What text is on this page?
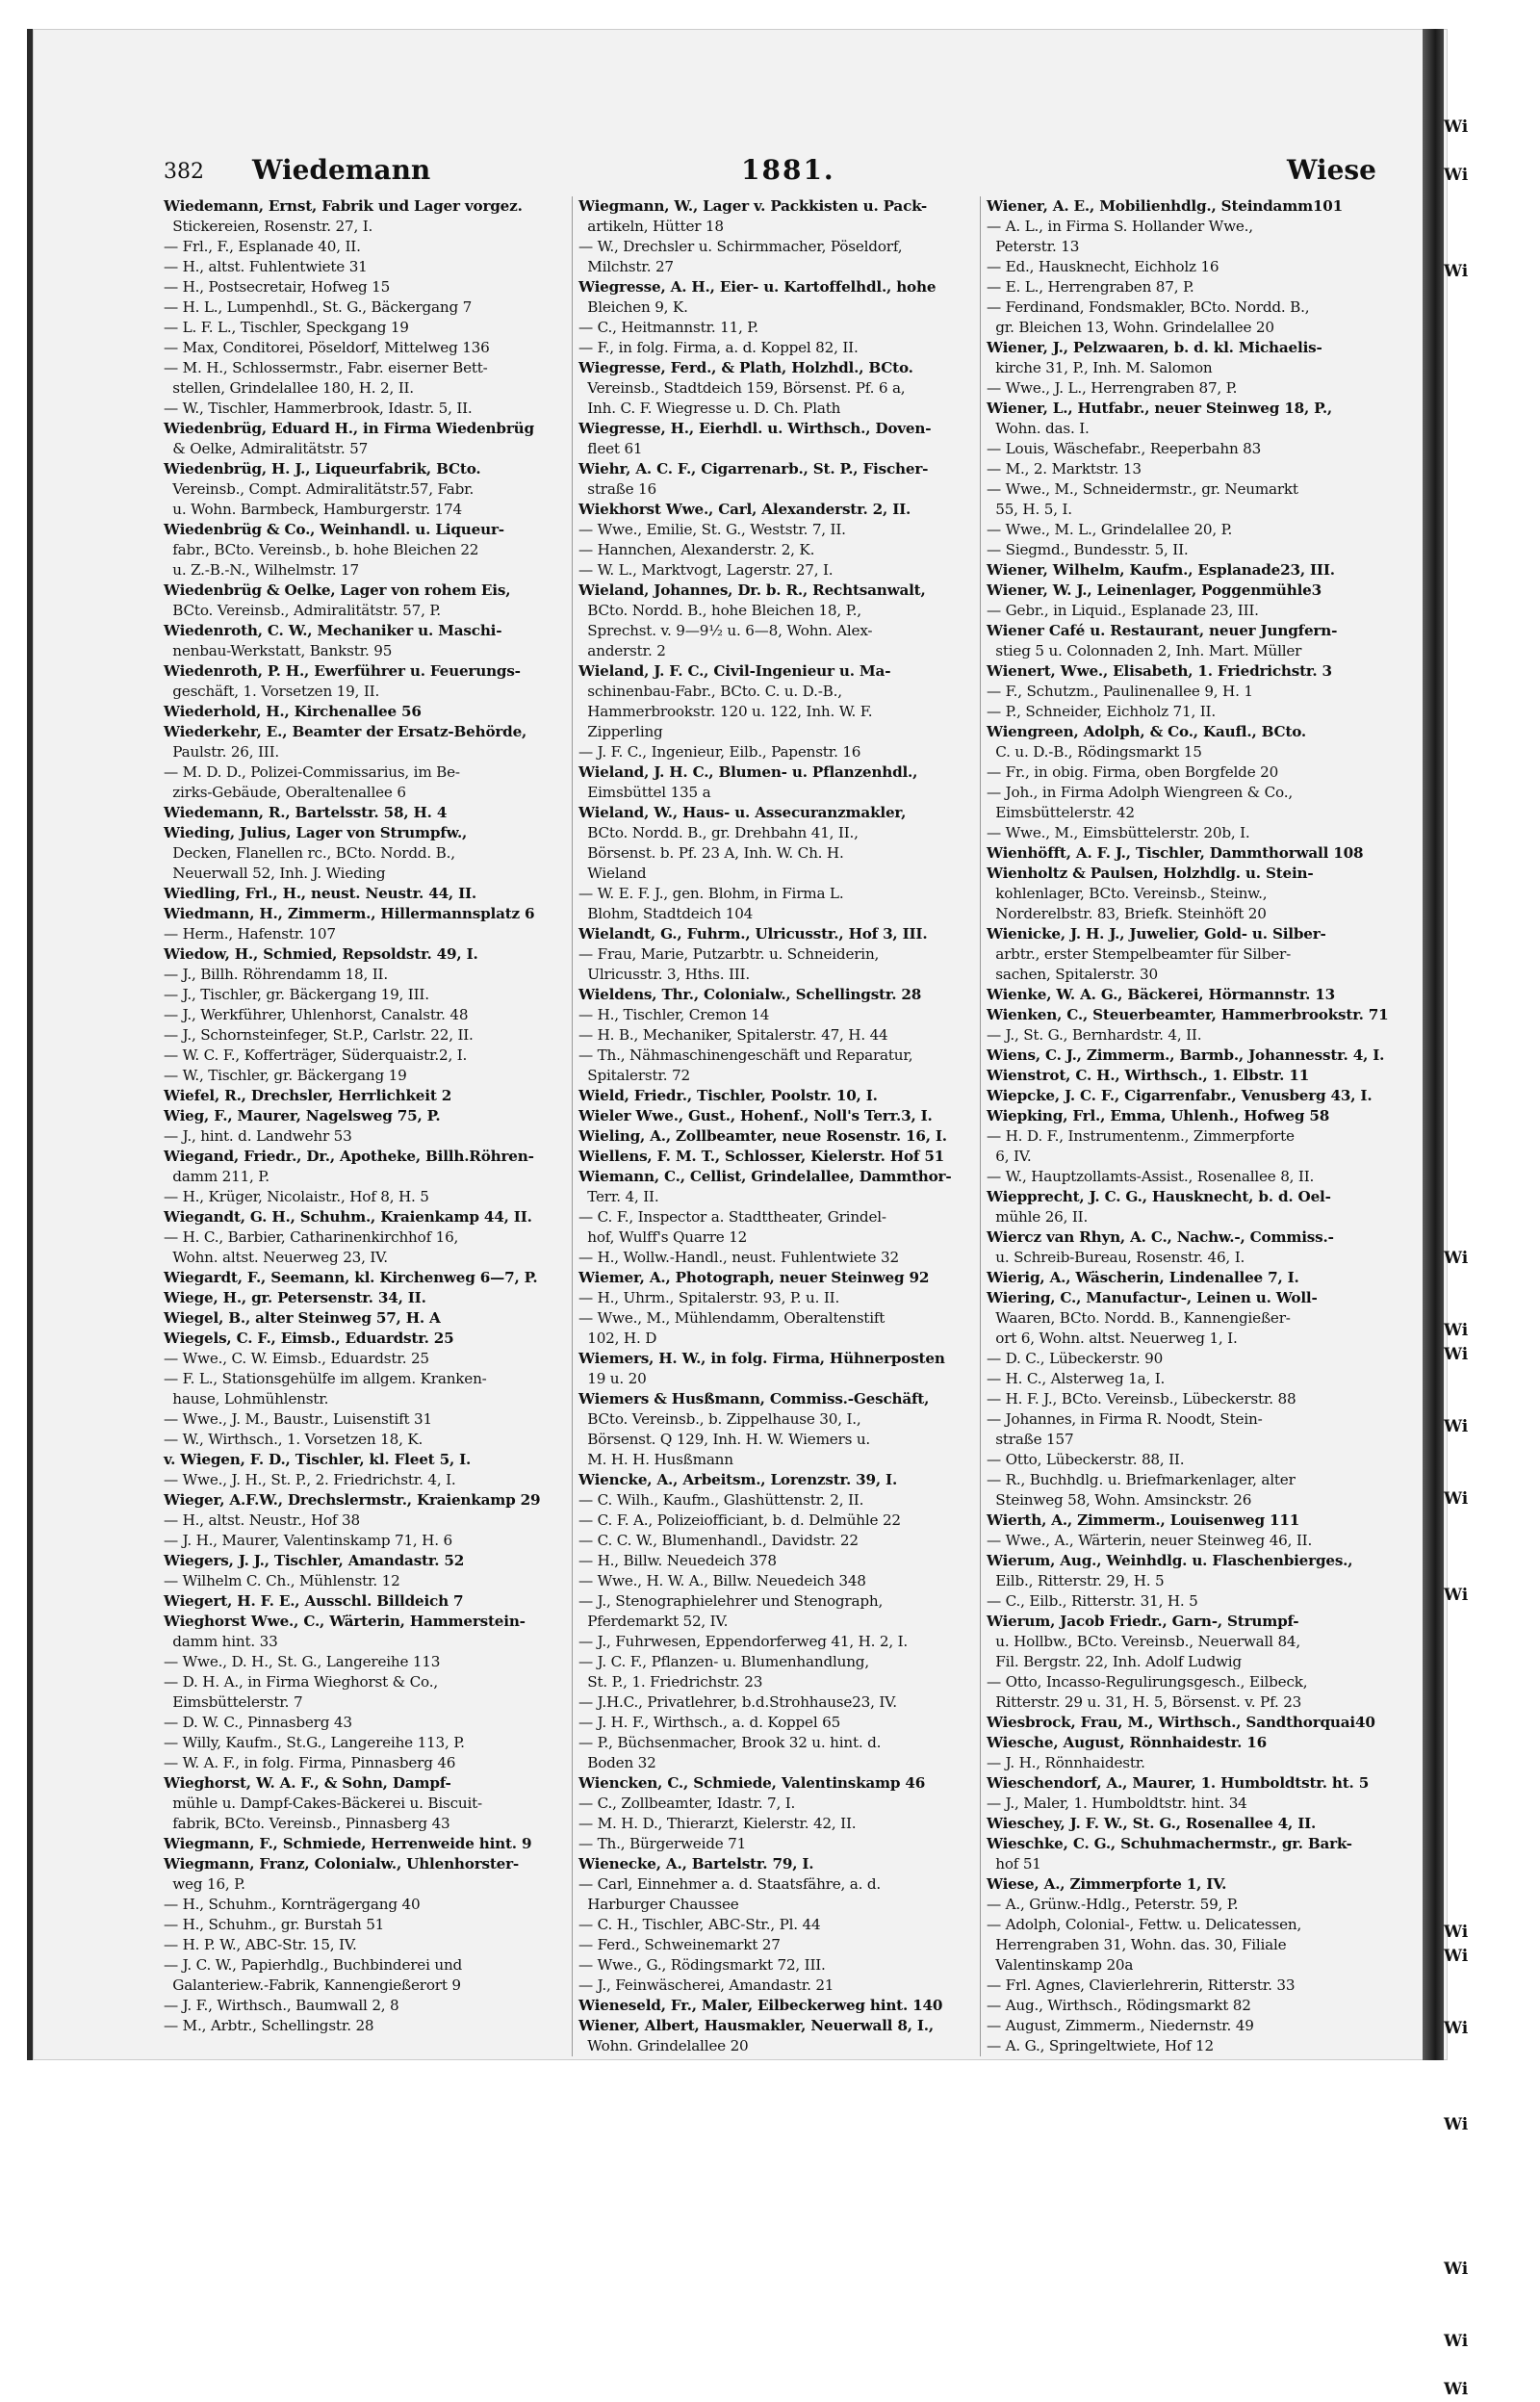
Wi

Wi

Wi

Wi

Wi
Wi

Wi

Wi

Wi

Wi
Wi

Wi

Wi

Wi

Wi

Wi
382 Wiedemann	1881.	Wiese
Wiedemann, Ernst, Fabrik und Lager vorgez.
Stickereien, Rosenstr. 27, I.
— Frl., F., Esplanade 40, II.
— H., altst. Fuhlentwiete 31
— H., Postsecretair, Hofweg 15
— H. L., Lumpenhdl., St. G., Bäckergang 7
— L. F. L., Tischler, Speckgang 19
— Max, Conditorei, Pöseldorf, Mittelweg 136
— M. H., Schlossermstr., Fabr. eiserner Bett-
stellen, Grindelallee 180, H. 2, II.
— W., Tischler, Hammerbrook, Idastr. 5, II.
Wiedenbrüg, Eduard H., in Firma Wiedenbrüg
& Oelke, Admiralitätstr. 57
Wiedenbrüg, H. J., Liqueurfabrik, BCto.
Vereinsb., Compt. Admiralitätstr.57, Fabr.
u. Wohn. Barmbeck, Hamburgerstr. 174
Wiedenbrüg & Co., Weinhandl. u. Liqueur-
fabr., BCto. Vereinsb., b. hohe Bleichen 22
u. Z.-B.-N., Wilhelmstr. 17
Wiedenbrüg & Oelke, Lager von rohem Eis,
BCto. Vereinsb., Admiralitätstr. 57, P.
Wiedenroth, C. W., Mechaniker u. Maschi-
nenbau-Werkstatt, Bankstr. 95
Wiedenroth, P. H., Ewerführer u. Feuerungs-
geschäft, 1. Vorsetzen 19, II.
Wiederhold, H., Kirchenallee 56
Wiederkehr, E., Beamter der Ersatz-Behörde,
Paulstr. 26, III.
— M. D. D., Polizei-Commissarius, im Be-
zirks-Gebäude, Oberaltenallee 6
Wiedemann, R., Bartelsstr. 58, H. 4
Wieding, Julius, Lager von Strumpfw.,
Decken, Flanellen rc., BCto. Nordd. B.,
Neuerwall 52, Inh. J. Wieding
Wiedling, Frl., H., neust. Neustr. 44, II.
Wiedmann, H., Zimmerm., Hillermannsplatz 6
— Herm., Hafenstr. 107
Wiedow, H., Schmied, Repsoldstr. 49, I.
— J., Billh. Röhrendamm 18, II.
— J., Tischler, gr. Bäckergang 19, III.
— J., Werkführer, Uhlenhorst, Canalstr. 48
— J., Schornsteinfeger, St.P., Carlstr. 22, II.
— W. C. F., Kofferträger, Süderquaistr.2, I.
— W., Tischler, gr. Bäckergang 19
Wiefel, R., Drechsler, Herrlichkeit 2
Wieg, F., Maurer, Nagelsweg 75, P.
— J., hint. d. Landwehr 53
Wiegand, Friedr., Dr., Apotheke, Billh.Röhren-
damm 211, P.
— H., Krüger, Nicolaistr., Hof 8, H. 5
Wiegandt, G. H., Schuhm., Kraienkamp 44, II.
— H. C., Barbier, Catharinenkirchhof 16,
Wohn. altst. Neuerweg 23, IV.
Wiegardt, F., Seemann, kl. Kirchenweg 6—7, P.
Wiege, H., gr. Petersenstr. 34, II.
Wiegel, B., alter Steinweg 57, H. A
Wiegels, C. F., Eimsb., Eduardstr. 25
— Wwe., C. W. Eimsb., Eduardstr. 25
— F. L., Stationsgehülfe im allgem. Kranken-
hause, Lohmühlenstr.
— Wwe., J. M., Baustr., Luisenstift 31
— W., Wirthsch., 1. Vorsetzen 18, K.
v. Wiegen, F. D., Tischler, kl. Fleet 5, I.
— Wwe., J. H., St. P., 2. Friedrichstr. 4, I.
Wieger, A.F.W., Drechslermstr., Kraienkamp 29
— H., altst. Neustr., Hof 38
— J. H., Maurer, Valentinskamp 71, H. 6
Wiegers, J. J., Tischler, Amandastr. 52
— Wilhelm C. Ch., Mühlenstr. 12
Wiegert, H. F. E., Ausschl. Billdeich 7
Wieghorst Wwe., C., Wärterin, Hammerstein-
damm hint. 33
— Wwe., D. H., St. G., Langereihe 113
— D. H. A., in Firma Wieghorst & Co.,
Eimsbüttelerstr. 7
— D. W. C., Pinnasberg 43
— Willy, Kaufm., St.G., Langereihe 113, P.
— W. A. F., in folg. Firma, Pinnasberg 46
Wieghorst, W. A. F., & Sohn, Dampf-
mühle u. Dampf-Cakes-Bäckerei u. Biscuit-
fabrik, BCto. Vereinsb., Pinnasberg 43
Wiegmann, F., Schmiede, Herrenweide hint. 9
Wiegmann, Franz, Colonialw., Uhlenhorster-
weg 16, P.
— H., Schuhm., Kornträgergang 40
— H., Schuhm., gr. Burstah 51
— H. P. W., ABC-Str. 15, IV.
— J. C. W., Papierhdlg., Buchbinderei und
Galanteriew.-Fabrik, Kannengießerort 9
— J. F., Wirthsch., Baumwall 2, 8
— M., Arbtr., Schellingstr. 28
Wiegmann, W., Lager v. Packkisten u. Pack-
artikeln, Hütter 18
— W., Drechsler u. Schirmmacher, Pöseldorf,
Milchstr. 27
Wiegresse, A. H., Eier- u. Kartoffelhdl., hohe
Bleichen 9, K.
— C., Heitmannstr. 11, P.
— F., in folg. Firma, a. d. Koppel 82, II.
Wiegresse, Ferd., & Plath, Holzhdl., BCto.
Vereinsb., Stadtdeich 159, Börsenst. Pf. 6 a,
Inh. C. F. Wiegresse u. D. Ch. Plath
Wiegresse, H., Eierhdl. u. Wirthsch., Doven-
fleet 61
Wiehr, A. C. F., Cigarrenarb., St. P., Fischer-
straße 16
Wiekhorst Wwe., Carl, Alexanderstr. 2, II.
— Wwe., Emilie, St. G., Weststr. 7, II.
— Hannchen, Alexanderstr. 2, K.
— W. L., Marktvogt, Lagerstr. 27, I.
Wieland, Johannes, Dr. b. R., Rechtsanwalt,
BCto. Nordd. B., hohe Bleichen 18, P.,
Sprechst. v. 9—9½ u. 6—8, Wohn. Alex-
anderstr. 2
Wieland, J. F. C., Civil-Ingenieur u. Ma-
schinenbau-Fabr., BCto. C. u. D.-B.,
Hammerbrookstr. 120 u. 122, Inh. W. F.
Zipperling
— J. F. C., Ingenieur, Eilb., Papenstr. 16
Wieland, J. H. C., Blumen- u. Pflanzenhdl.,
Eimsbüttel 135 a
Wieland, W., Haus- u. Assecuranzmakler,
BCto. Nordd. B., gr. Drehbahn 41, II.,
Börsenst. b. Pf. 23 A, Inh. W. Ch. H.
Wieland
— W. E. F. J., gen. Blohm, in Firma L.
Blohm, Stadtdeich 104
Wielandt, G., Fuhrm., Ulricusstr., Hof 3, III.
— Frau, Marie, Putzarbtr. u. Schneiderin,
Ulricusstr. 3, Hths. III.
Wieldens, Thr., Colonialw., Schellingstr. 28
— H., Tischler, Cremon 14
— H. B., Mechaniker, Spitalerstr. 47, H. 44
— Th., Nähmaschinengeschäft und Reparatur,
Spitalerstr. 72
Wield, Friedr., Tischler, Poolstr. 10, I.
Wieler Wwe., Gust., Hohenf., Noll's Terr.3, I.
Wieling, A., Zollbeamter, neue Rosenstr. 16, I.
Wiellens, F. M. T., Schlosser, Kielerstr. Hof 51
Wiemann, C., Cellist, Grindelallee, Dammthor-
Terr. 4, II.
— C. F., Inspector a. Stadttheater, Grindel-
hof, Wulff's Quarre 12
— H., Wollw.-Handl., neust. Fuhlentwiete 32
Wiemer, A., Photograph, neuer Steinweg 92
— H., Uhrm., Spitalerstr. 93, P. u. II.
— Wwe., M., Mühlendamm, Oberaltenstift
102, H. D
Wiemers, H. W., in folg. Firma, Hühnerposten
19 u. 20
Wiemers & Husßmann, Commiss.-Geschäft,
BCto. Vereinsb., b. Zippelhause 30, I.,
Börsenst. Q 129, Inh. H. W. Wiemers u.
M. H. H. Husßmann
Wiencke, A., Arbeitsm., Lorenzstr. 39, I.
— C. Wilh., Kaufm., Glashüttenstr. 2, II.
— C. F. A., Polizeiofficiant, b. d. Delmühle 22
— C. C. W., Blumenhandl., Davidstr. 22
— H., Billw. Neuedeich 378
— Wwe., H. W. A., Billw. Neuedeich 348
— J., Stenographielehrer und Stenograph,
Pferdemarkt 52, IV.
— J., Fuhrwesen, Eppendorferweg 41, H. 2, I.
— J. C. F., Pflanzen- u. Blumenhandlung,
St. P., 1. Friedrichstr. 23
— J.H.C., Privatlehrer, b.d.Strohhause23, IV.
— J. H. F., Wirthsch., a. d. Koppel 65
— P., Büchsenmacher, Brook 32 u. hint. d.
Boden 32
Wiencken, C., Schmiede, Valentinskamp 46
— C., Zollbeamter, Idastr. 7, I.
— M. H. D., Thierarzt, Kielerstr. 42, II.
— Th., Bürgerweide 71
Wienecke, A., Bartelstr. 79, I.
— Carl, Einnehmer a. d. Staatsfähre, a. d.
Harburger Chaussee
— C. H., Tischler, ABC-Str., Pl. 44
— Ferd., Schweinemarkt 27
— Wwe., G., Rödingsmarkt 72, III.
— J., Feinwäscherei, Amandastr. 21
Wieneseld, Fr., Maler, Eilbeckerweg hint. 140
Wiener, Albert, Hausmakler, Neuerwall 8, I.,
Wohn. Grindelallee 20
Wiener, A. E., Mobilienhdlg., Steindamm101
— A. L., in Firma S. Hollander Wwe.,
Peterstr. 13
— Ed., Hausknecht, Eichholz 16
— E. L., Herrengraben 87, P.
— Ferdinand, Fondsmakler, BCto. Nordd. B.,
gr. Bleichen 13, Wohn. Grindelallee 20
Wiener, J., Pelzwaaren, b. d. kl. Michaelis-
kirche 31, P., Inh. M. Salomon
— Wwe., J. L., Herrengraben 87, P.
Wiener, L., Hutfabr., neuer Steinweg 18, P.,
Wohn. das. I.
— Louis, Wäschefabr., Reeperbahn 83
— M., 2. Marktstr. 13
— Wwe., M., Schneidermstr., gr. Neumarkt
55, H. 5, I.
— Wwe., M. L., Grindelallee 20, P.
— Siegmd., Bundesstr. 5, II.
Wiener, Wilhelm, Kaufm., Esplanade23, III.
Wiener, W. J., Leinenlager, Poggenmühle3
— Gebr., in Liquid., Esplanade 23, III.
Wiener Café u. Restaurant, neuer Jungfern-
stieg 5 u. Colonnaden 2, Inh. Mart. Müller
Wienert, Wwe., Elisabeth, 1. Friedrichstr. 3
— F., Schutzm., Paulinenallee 9, H. 1
— P., Schneider, Eichholz 71, II.
Wiengreen, Adolph, & Co., Kaufl., BCto.
C. u. D.-B., Rödingsmarkt 15
— Fr., in obig. Firma, oben Borgfelde 20
— Joh., in Firma Adolph Wiengreen & Co.,
Eimsbüttelerstr. 42
— Wwe., M., Eimsbüttelerstr. 20b, I.
Wienhöfft, A. F. J., Tischler, Dammthorwall 108
Wienholtz & Paulsen, Holzhdlg. u. Stein-
kohlenlager, BCto. Vereinsb., Steinw.,
Norderelbstr. 83, Briefk. Steinhöft 20
Wienicke, J. H. J., Juwelier, Gold- u. Silber-
arbtr., erster Stempelbeamter für Silber-
sachen, Spitalerstr. 30
Wienke, W. A. G., Bäckerei, Hörmannstr. 13
Wienken, C., Steuerbeamter, Hammerbrookstr. 71
— J., St. G., Bernhardstr. 4, II.
Wiens, C. J., Zimmerm., Barmb., Johannesstr. 4, I.
Wienstrot, C. H., Wirthsch., 1. Elbstr. 11
Wiepcke, J. C. F., Cigarrenfabr., Venusberg 43, I.
Wiepking, Frl., Emma, Uhlenh., Hofweg 58
— H. D. F., Instrumentenm., Zimmerpforte
6, IV.
— W., Hauptzollamts-Assist., Rosenallee 8, II.
Wiepprecht, J. C. G., Hausknecht, b. d. Oel-
mühle 26, II.
Wiercz van Rhyn, A. C., Nachw.-, Commiss.-
u. Schreib-Bureau, Rosenstr. 46, I.
Wierig, A., Wäscherin, Lindenallee 7, I.
Wiering, C., Manufactur-, Leinen u. Woll-
Waaren, BCto. Nordd. B., Kannengießer-
ort 6, Wohn. altst. Neuerweg 1, I.
— D. C., Lübeckerstr. 90
— H. C., Alsterweg 1a, I.
— H. F. J., BCto. Vereinsb., Lübeckerstr. 88
— Johannes, in Firma R. Noodt, Stein-
straße 157
— Otto, Lübeckerstr. 88, II.
— R., Buchhdlg. u. Briefmarkenlager, alter
Steinweg 58, Wohn. Amsinckstr. 26
Wierth, A., Zimmerm., Louisenweg 111
— Wwe., A., Wärterin, neuer Steinweg 46, II.
Wierum, Aug., Weinhdlg. u. Flaschenbierges.,
Eilb., Ritterstr. 29, H. 5
— C., Eilb., Ritterstr. 31, H. 5
Wierum, Jacob Friedr., Garn-, Strumpf-
u. Hollbw., BCto. Vereinsb., Neuerwall 84,
Fil. Bergstr. 22, Inh. Adolf Ludwig
— Otto, Incasso-Regulirungsgesch., Eilbeck,
Ritterstr. 29 u. 31, H. 5, Börsenst. v. Pf. 23
Wiesbrock, Frau, M., Wirthsch., Sandthorquai40
Wiesche, August, Rönnhaidestr. 16
— J. H., Rönnhaidestr.
Wieschendorf, A., Maurer, 1. Humboldtstr. ht. 5
— J., Maler, 1. Humboldtstr. hint. 34
Wieschey, J. F. W., St. G., Rosenallee 4, II.
Wieschke, C. G., Schuhmachermstr., gr. Bark-
hof 51
Wiese, A., Zimmerpforte 1, IV.
— A., Grünw.-Hdlg., Peterstr. 59, P.
— Adolph, Colonial-, Fettw. u. Delicatessen,
Herrengraben 31, Wohn. das. 30, Filiale
Valentinskamp 20a
— Frl. Agnes, Clavierlehrerin, Ritterstr. 33
— Aug., Wirthsch., Rödingsmarkt 82
— August, Zimmerm., Niedernstr. 49
— A. G., Springeltwiete, Hof 12
